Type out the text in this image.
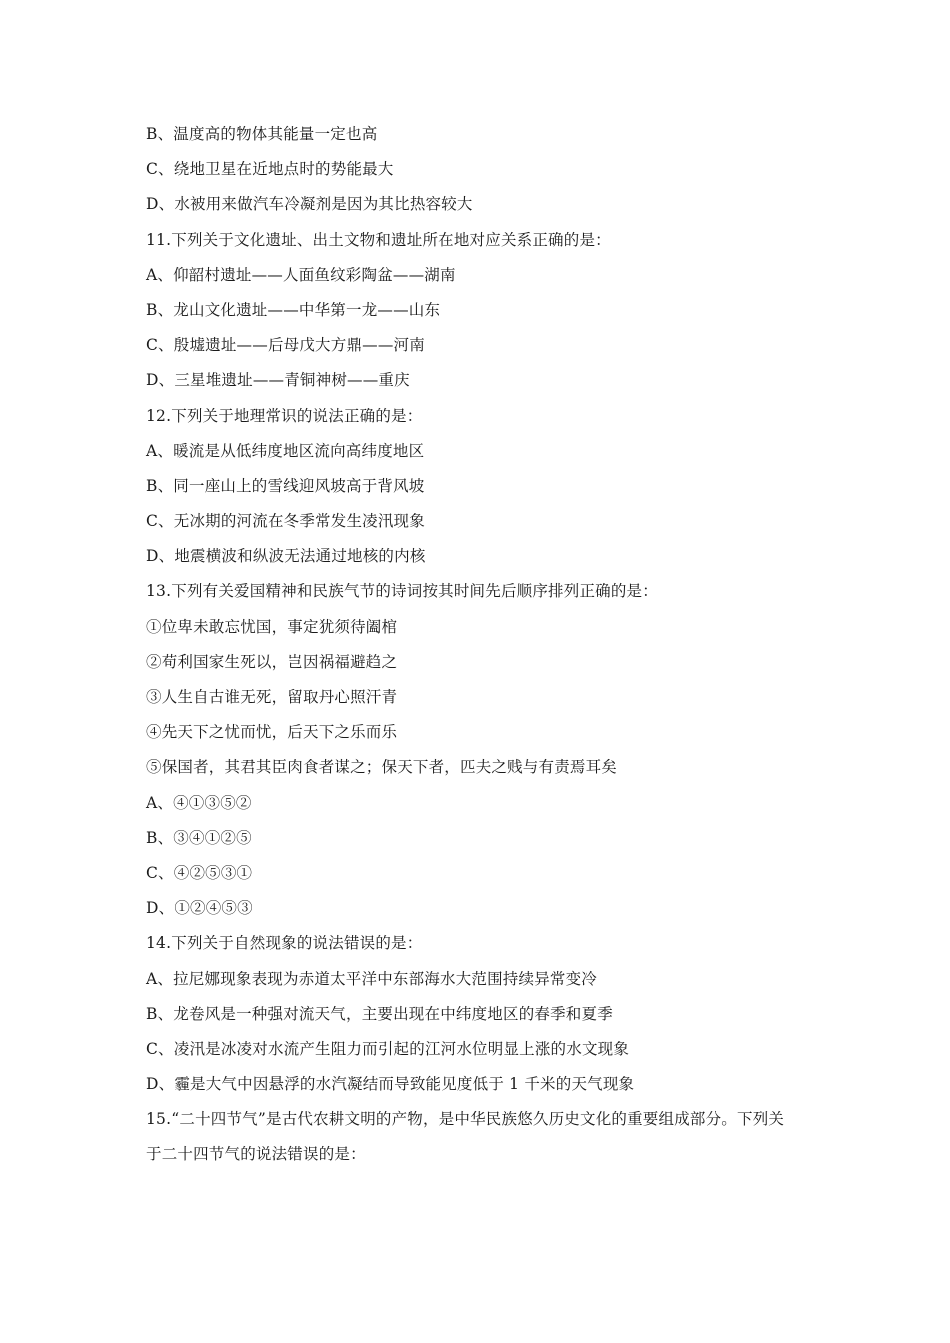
B、温度高的物体其能量一定也高
C、绕地卫星在近地点时的势能最大
D、水被用来做汽车冷凝剂是因为其比热容较大
11.下列关于文化遗址、出土文物和遗址所在地对应关系正确的是：
A、仰韶村遗址——人面鱼纹彩陶盆——湖南
B、龙山文化遗址——中华第一龙——山东
C、殷墟遗址——后母戊大方鼎——河南
D、三星堆遗址——青铜神树——重庆
12.下列关于地理常识的说法正确的是：
A、暖流是从低纬度地区流向高纬度地区
B、同一座山上的雪线迎风坡高于背风坡
C、无冰期的河流在冬季常发生凌汛现象
D、地震横波和纵波无法通过地核的内核
13.下列有关爱国精神和民族气节的诗词按其时间先后顺序排列正确的是：
①位卑未敢忘忧国，事定犹须待阖棺
②苟利国家生死以，岂因祸福避趋之
③人生自古谁无死，留取丹心照汗青
④先天下之忧而忧，后天下之乐而乐
⑤保国者，其君其臣肉食者谋之；保天下者，匹夫之贱与有责焉耳矣
A、④①③⑤②
B、③④①②⑤
C、④②⑤③①
D、①②④⑤③
14.下列关于自然现象的说法错误的是：
A、拉尼娜现象表现为赤道太平洋中东部海水大范围持续异常变冷
B、龙卷风是一种强对流天气，主要出现在中纬度地区的春季和夏季
C、凌汛是冰凌对水流产生阻力而引起的江河水位明显上涨的水文现象
D、霾是大气中因悬浮的水汽凝结而导致能见度低于 1 千米的天气现象
15.“二十四节气”是古代农耕文明的产物，是中华民族悠久历史文化的重要组成部分。下列关
于二十四节气的说法错误的是：
